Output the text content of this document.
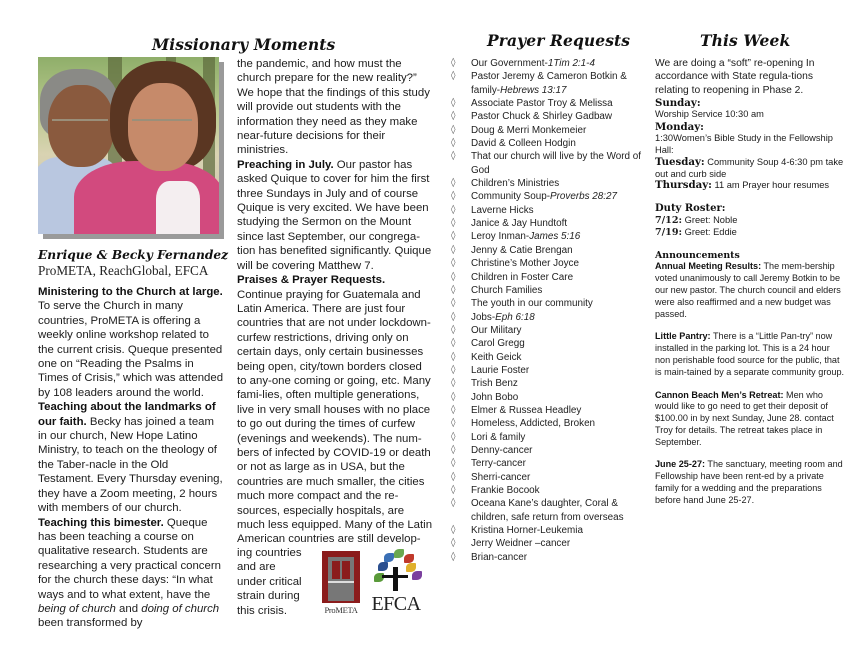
Missionary Moments	Prayer Requests	This Week
Enrique & Becky Fernandez
ProMETA, ReachGlobal, EFCA

Ministering to the Church at large. To serve the Church in many countries, ProMETA is offering a weekly online workshop related to the current crisis. Queque presented one on “Reading the Psalms in Times of Crisis,” which was attended by 108 leaders around the world.

Teaching about the landmarks of our faith. Becky has joined a team in our church, New Hope Latino Ministry, to teach on the theology of the Taber-nacle in the Old Testament. Every Thursday evening, they have a Zoom meeting, 2 hours with members of our church.

Teaching this bimester. Queque has been teaching a course on qualitative research. Students are researching a very practical concern for the church these days: “In what ways and to what extent, have the being of church and doing of church been transformed by

the pandemic, and how must the church prepare for the new reality?” We hope that the findings of this study will provide out students with the information they need as they make near-future decisions for their ministries.

Preaching in July. Our pastor has asked Quique to cover for him the first three Sundays in July and of course Quique is very excited. We have been studying the Sermon on the Mount since last September, our congrega-tion has benefited significantly. Quique will be covering Matthew 7.

Praises & Prayer Requests. Continue praying for Guatemala and Latin America. There are just four countries that are not under lockdown-curfew restrictions, driving only on certain days, only certain businesses being open, city/town borders closed to any-one coming or going, etc. Many fami-lies, often multiple generations, live in very small houses with no place to go out during the times of curfew (evenings and weekends). The num-bers of infected by COVID-19 or death or not as large as in USA, but the countries are much smaller, the cities much more compact and the re-sources, especially hospitals, are much less equipped. Many of the Latin American countries are still develop-

ing countries and are under critical strain during this crisis.	ProMETA EFCA
◊ Our Government-1Tim 2:1-4
◊ Pastor Jeremy & Cameron Botkin & family-Hebrews 13:17
◊ Associate Pastor Troy & Melissa
◊ Pastor Chuck & Shirley Gadbaw
◊ Doug & Merri Monkemeier
◊ David & Colleen Hodgin
◊ That our church will live by the Word of God
◊ Children’s Ministries
◊ Community Soup-Proverbs 28:27
◊ Laverne Hicks
◊ Janice & Jay Hundtoft
◊ Leroy Inman-James 5:16
◊ Jenny & Catie Brengan
◊ Christine’s Mother Joyce
◊ Children in Foster Care
◊ Church Families
◊ The youth in our community
◊ Jobs-Eph 6:18
◊ Our Military
◊ Carol Gregg
◊ Keith Geick
◊ Laurie Foster
◊ Trish Benz
◊ John Bobo
◊ Elmer & Russea Headley
◊ Homeless, Addicted, Broken
◊ Lori & family
◊ Denny-cancer
◊ Terry-cancer
◊ Sherri-cancer
◊ Frankie Bocook
◊ Oceana Kane’s daughter, Coral & children, safe return from overseas
◊ Kristina Horner-Leukemia
◊ Jerry Weidner –cancer
◊ Brian-cancer
We are doing a “soft” re-opening In accordance with State regula-tions relating to reopening in Phase 2.
Sunday:
Worship Service 10:30 am
Monday:
1:30Women’s Bible Study in the Fellowship Hall:
Tuesday: Community Soup 4-6:30 pm take out and curb side
Thursday: 11 am Prayer hour resumes
Duty Roster:
7/12: Greet: Noble
7/19: Greet: Eddie
Announcements
Annual Meeting Results: The mem-bership voted unanimously to call Jeremy Botkin to be our new pastor. The church council and elders were also reaffirmed and a new budget was passed.
Little Pantry: There is a “Little Pan-try” now installed in the parking lot. This is a 24 hour non perishable food source for the public, that is main-tained by a separate community group.
Cannon Beach Men’s Retreat: Men who would like to go need to get their deposit of $100.00 in by next Sunday, June 28. contact Troy for details. The retreat takes place in September.
June 25-27: The sanctuary, meeting room and Fellowship have been rent-ed by a private family for a wedding and the preparations before hand June 25-27.
